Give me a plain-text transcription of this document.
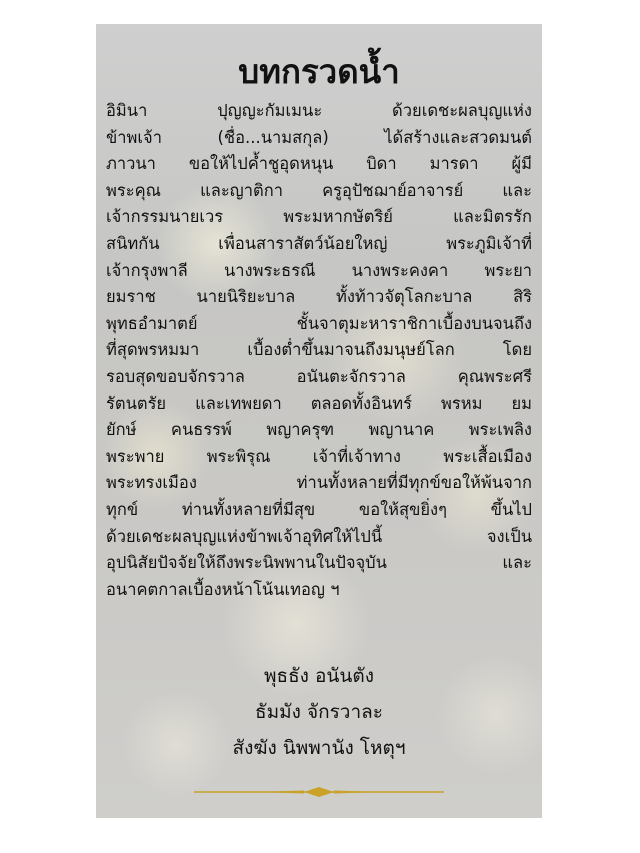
บทกรวดน้ำ
อิมินา ปุญญะกัมเมนะ ด้วยเดชะผลบุญแห่ง
ข้าพเจ้า (ชื่อ...นามสกุล) ได้สร้างและสวดมนต์
ภาวนา ขอให้ไปค้ำชูอุดหนุน บิดา มารดา ผู้มี
พระคุณ และญาติกา ครูอุปัชฌาย์อาจารย์ และ
เจ้ากรรมนายเวร พระมหากษัตริย์ และมิตรรัก
สนิทกัน เพื่อนสาราสัตว์น้อยใหญ่ พระภูมิเจ้าที่
เจ้ากรุงพาลี นางพระธรณี นางพระคงคา พระยา
ยมราช นายนิริยะบาล ทั้งท้าวจัตุโลกะบาล สิริ
พุทธอำมาตย์ ชั้นจาตุมะหาราชิกาเบื้องบนจนถึง
ที่สุดพรหมมา เบื้องต่ำขึ้นมาจนถึงมนุษย์โลก โดย
รอบสุดขอบจักรวาล อนันตะจักรวาล คุณพระศรี
รัตนตรัย และเทพยดา ตลอดทั้งอินทร์ พรหม ยม
ยักษ์ คนธรรพ์ พญาครุฑ พญานาค พระเพลิง
พระพาย พระพิรุณ เจ้าที่เจ้าทาง พระเสื้อเมือง
พระทรงเมือง ท่านทั้งหลายที่มีทุกข์ขอให้พ้นจาก
ทุกข์ ท่านทั้งหลายที่มีสุข ขอให้สุขยิ่งๆ ขึ้นไป
ด้วยเดชะผลบุญแห่งข้าพเจ้าอุทิศให้ไปนี้ จงเป็น
อุปนิสัยปัจจัยให้ถึงพระนิพพานในปัจจุบัน และ
อนาคตกาลเบื้องหน้าโน้นเทอญ ฯ
พุธธัง อนันตัง
ธัมมัง จักรวาละ
สังฆัง นิพพานัง โหตุฯ
